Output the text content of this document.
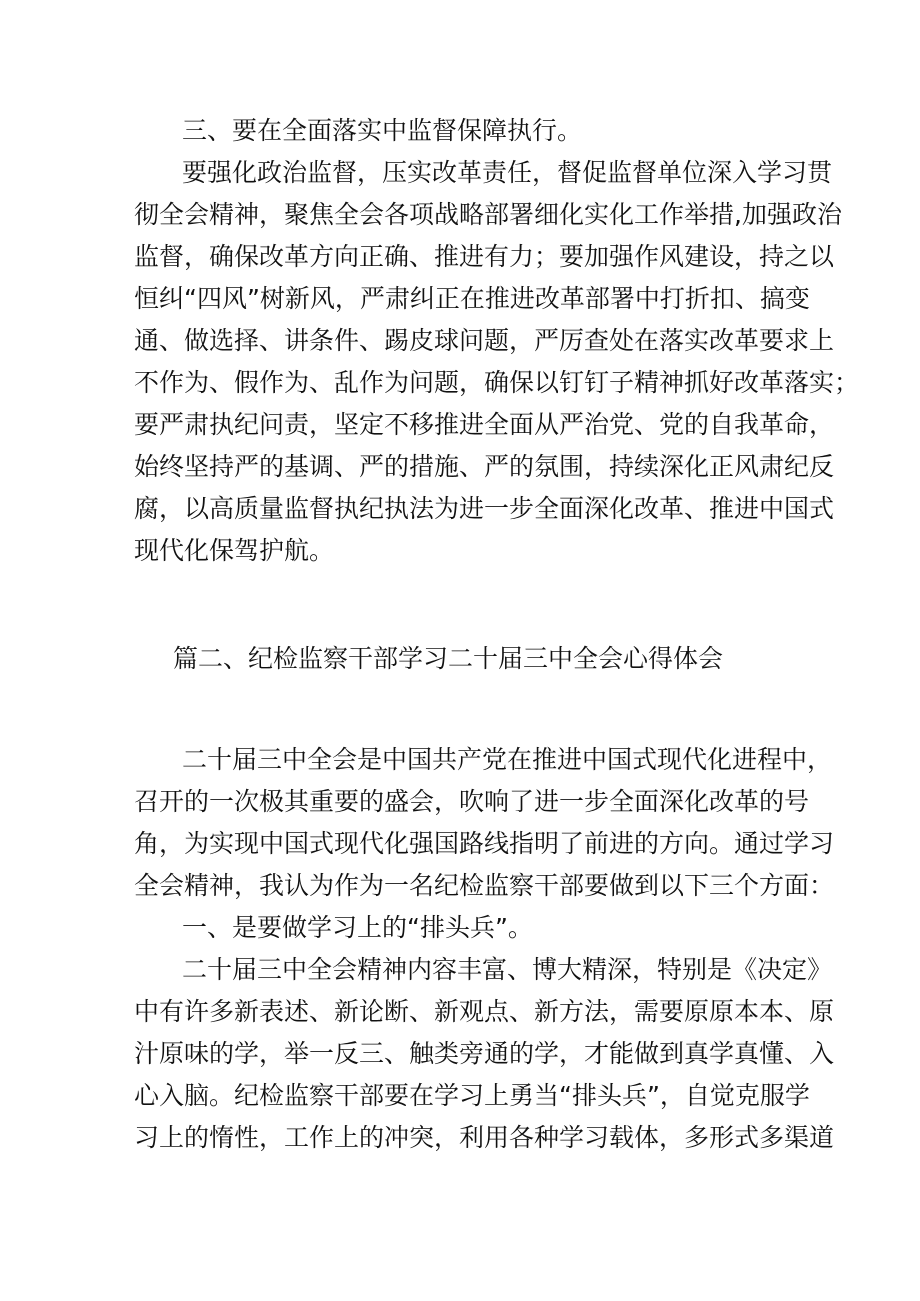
三、要在全面落实中监督保障执行。
要强化政治监督，压实改革责任，督促监督单位深入学习贯
彻全会精神，聚焦全会各项战略部署细化实化工作举措,加强政治
监督，确保改革方向正确、推进有力；要加强作风建设，持之以
恒纠“四风”树新风，严肃纠正在推进改革部署中打折扣、搞变
通、做选择、讲条件、踢皮球问题，严厉查处在落实改革要求上
不作为、假作为、乱作为问题，确保以钉钉子精神抓好改革落实；
要严肃执纪问责，坚定不移推进全面从严治党、党的自我革命，
始终坚持严的基调、严的措施、严的氛围，持续深化正风肃纪反
腐，以高质量监督执纪执法为进一步全面深化改革、推进中国式
现代化保驾护航。
篇二、纪检监察干部学习二十届三中全会心得体会
二十届三中全会是中国共产党在推进中国式现代化进程中，
召开的一次极其重要的盛会，吹响了进一步全面深化改革的号
角，为实现中国式现代化强国路线指明了前进的方向。通过学习
全会精神，我认为作为一名纪检监察干部要做到以下三个方面：
一、是要做学习上的“排头兵”。
二十届三中全会精神内容丰富、博大精深，特别是《决定》
中有许多新表述、新论断、新观点、新方法，需要原原本本、原
汁原味的学，举一反三、触类旁通的学，才能做到真学真懂、入
心入脑。纪检监察干部要在学习上勇当“排头兵”，自觉克服学
习上的惰性，工作上的冲突，利用各种学习载体，多形式多渠道
